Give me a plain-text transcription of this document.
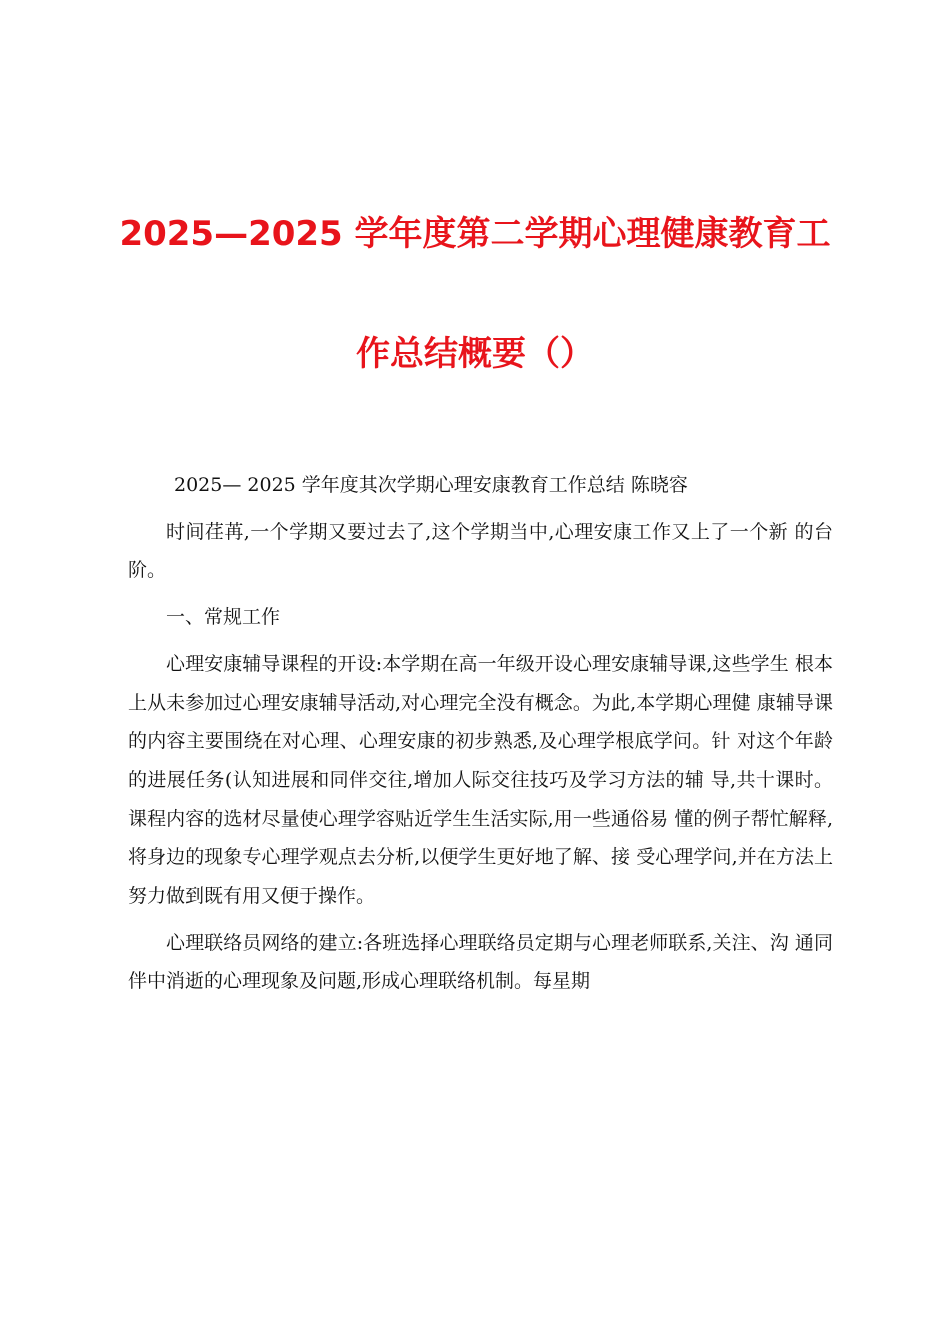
2025—2025 学年度第二学期心理健康教育工
作总结概要（）

2025— 2025 学年度其次学期心理安康教育工作总结 陈晓容

时间荏苒,一个学期又要过去了,这个学期当中,心理安康工作又上了一个新 的台阶。

一、常规工作

心理安康辅导课程的开设:本学期在高一年级开设心理安康辅导课,这些学生 根本上从未参加过心理安康辅导活动,对心理完全没有概念。为此,本学期心理健 康辅导课的内容主要围绕在对心理、心理安康的初步熟悉,及心理学根底学问。针 对这个年龄的进展任务(认知进展和同伴交往,增加人际交往技巧及学习方法的辅 导,共十课时。课程内容的选材尽量使心理学容贴近学生生活实际,用一些通俗易 懂的例子帮忙解释,将身边的现象专心理学观点去分析,以便学生更好地了解、接 受心理学问,并在方法上努力做到既有用又便于操作。

心理联络员网络的建立:各班选择心理联络员定期与心理老师联系,关注、沟 通同伴中消逝的心理现象及问题,形成心理联络机制。每星期
